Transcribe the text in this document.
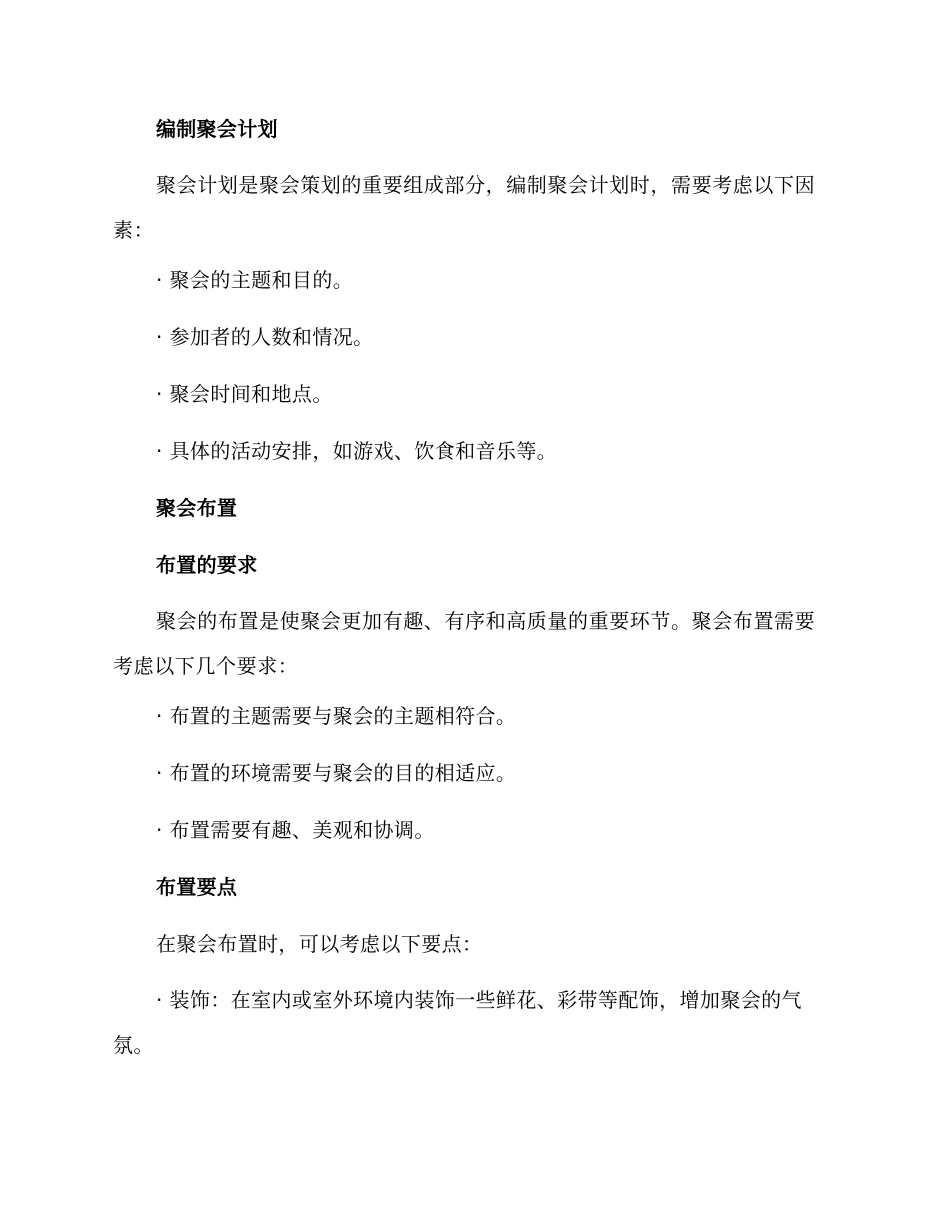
编制聚会计划
聚会计划是聚会策划的重要组成部分，编制聚会计划时，需要考虑以下因素：
· 聚会的主题和目的。
· 参加者的人数和情况。
· 聚会时间和地点。
· 具体的活动安排，如游戏、饮食和音乐等。
聚会布置
布置的要求
聚会的布置是使聚会更加有趣、有序和高质量的重要环节。聚会布置需要考虑以下几个要求：
· 布置的主题需要与聚会的主题相符合。
· 布置的环境需要与聚会的目的相适应。
· 布置需要有趣、美观和协调。
布置要点
在聚会布置时，可以考虑以下要点：
· 装饰：在室内或室外环境内装饰一些鲜花、彩带等配饰，增加聚会的气氛。
